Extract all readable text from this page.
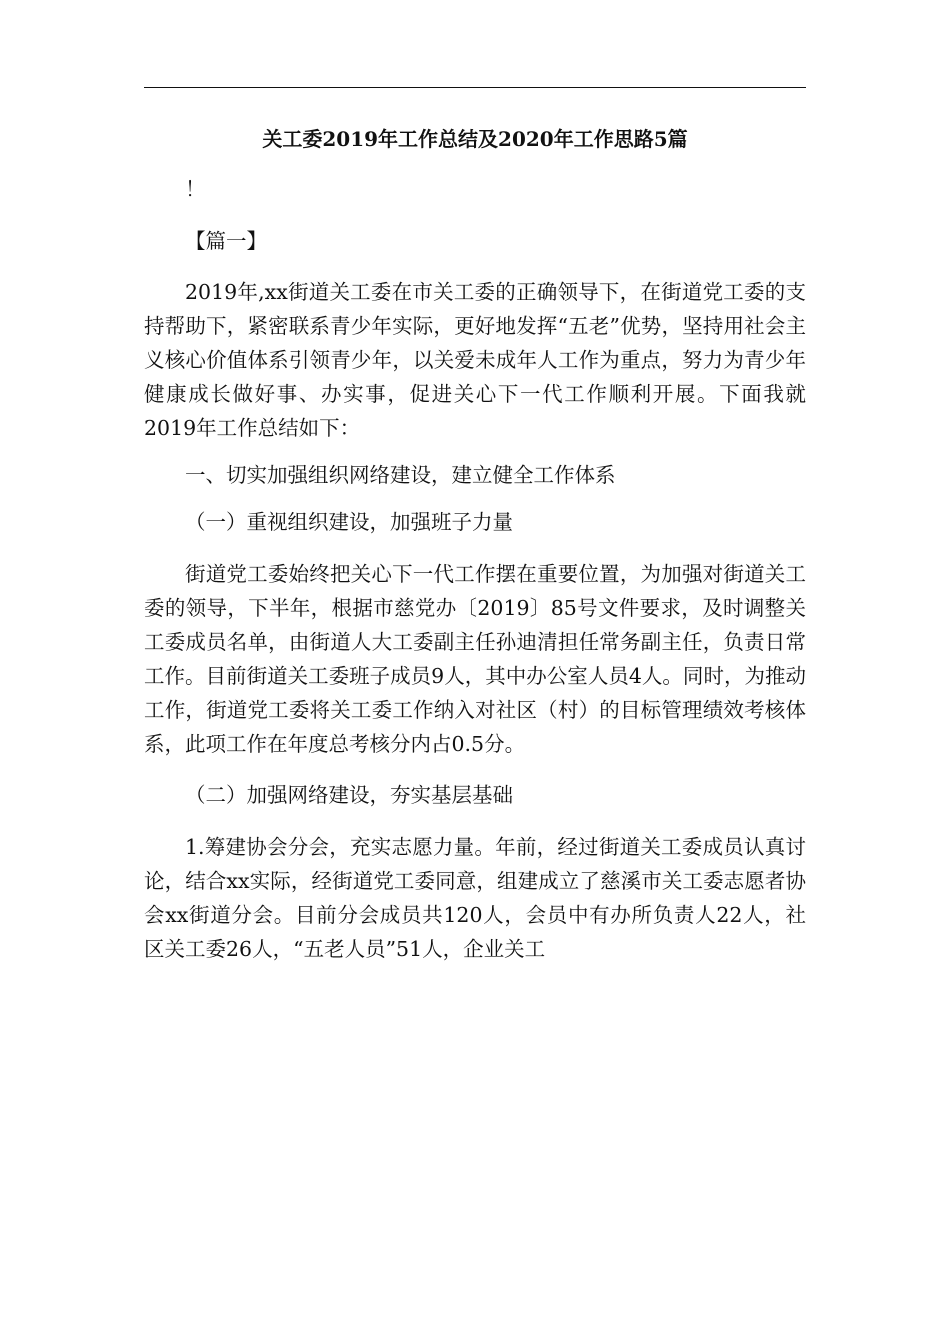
关工委2019年工作总结及2020年工作思路5篇

！

【篇一】

2019年,xx街道关工委在市关工委的正确领导下，在街道党工委的支持帮助下，紧密联系青少年实际，更好地发挥“五老”优势，坚持用社会主义核心价值体系引领青少年，以关爱未成年人工作为重点，努力为青少年健康成长做好事、办实事，促进关心下一代工作顺利开展。下面我就2019年工作总结如下：

一、切实加强组织网络建设，建立健全工作体系

（一）重视组织建设，加强班子力量

街道党工委始终把关心下一代工作摆在重要位置，为加强对街道关工委的领导，下半年，根据市慈党办〔2019〕85号文件要求，及时调整关工委成员名单，由街道人大工委副主任孙迪清担任常务副主任，负责日常工作。目前街道关工委班子成员9人，其中办公室人员4人。同时，为推动工作，街道党工委将关工委工作纳入对社区（村）的目标管理绩效考核体系，此项工作在年度总考核分内占0.5分。

（二）加强网络建设，夯实基层基础

1.筹建协会分会，充实志愿力量。年前，经过街道关工委成员认真讨论，结合xx实际，经街道党工委同意，组建成立了慈溪市关工委志愿者协会xx街道分会。目前分会成员共120人，会员中有办所负责人22人，社区关工委26人，“五老人员”51人，企业关工
